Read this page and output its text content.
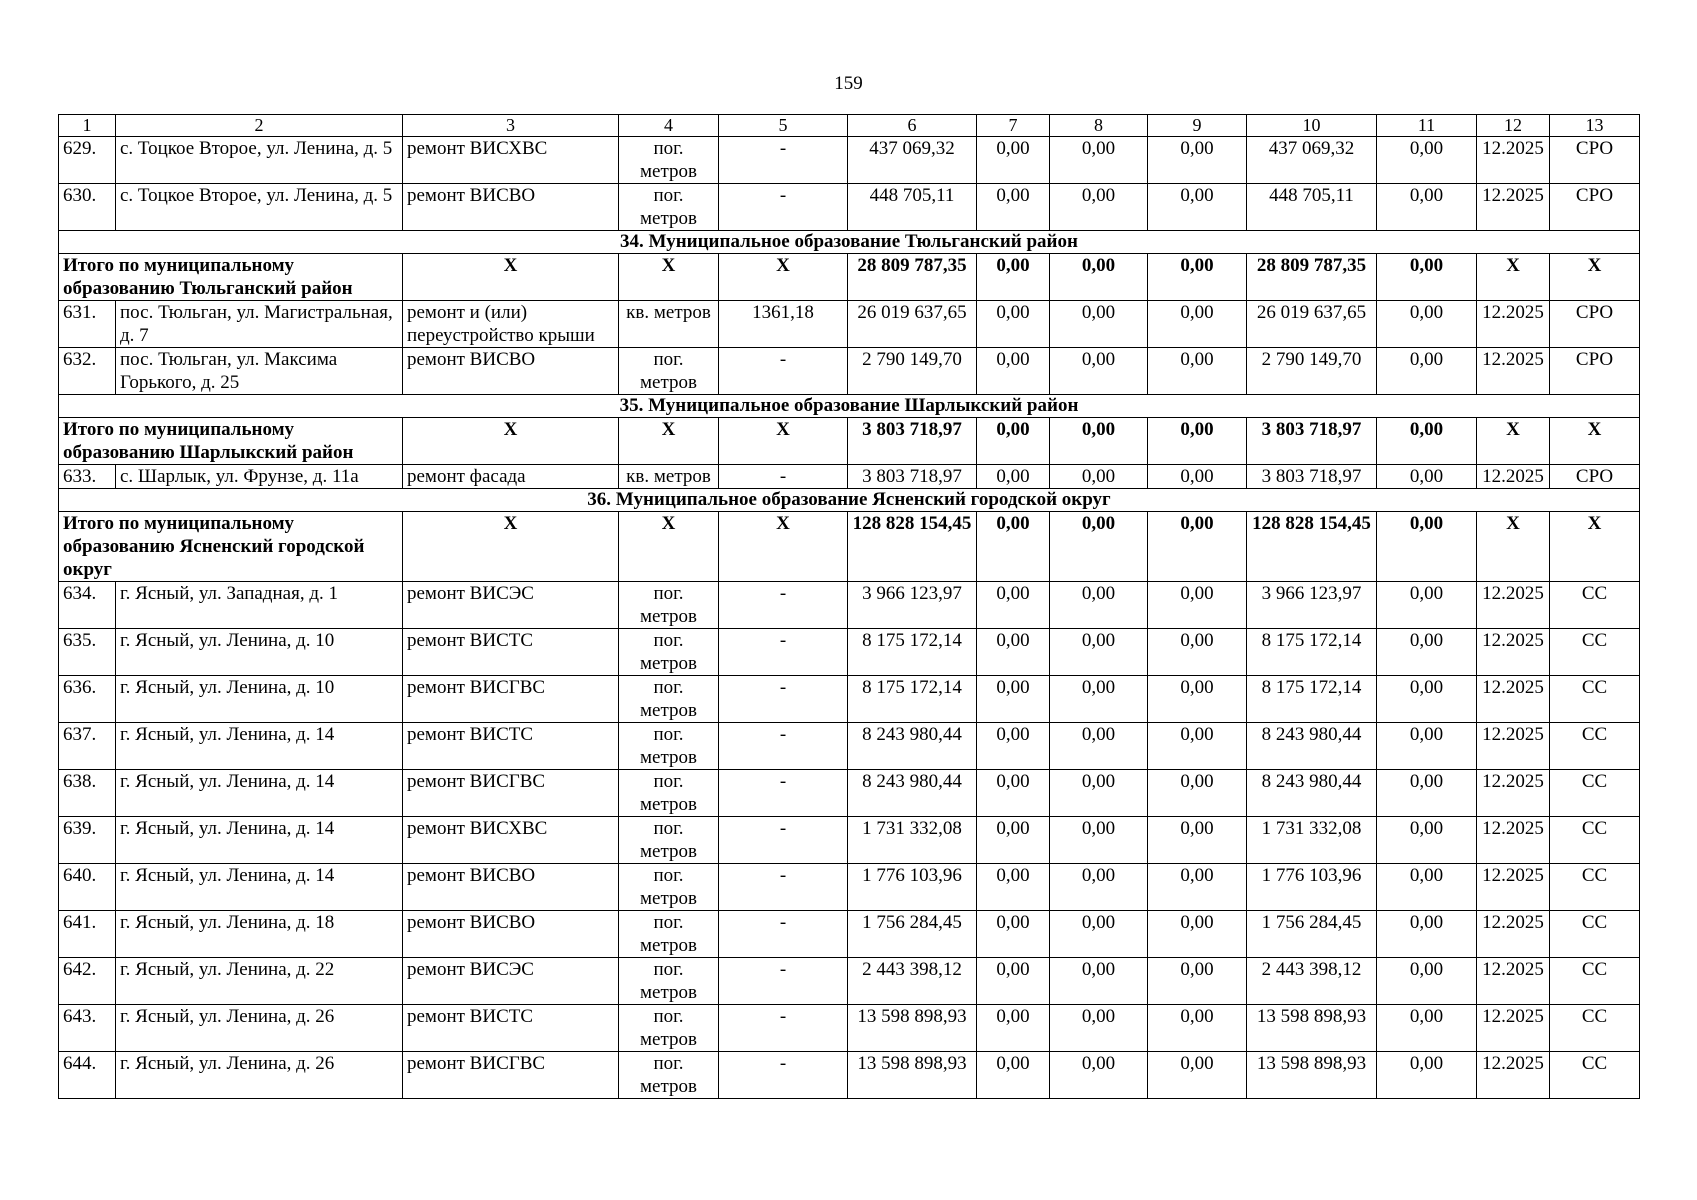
159
1	2	3	4	5	6	7	8	9	10	11	12	13
629.	с. Тоцкое Второе, ул. Ленина, д. 5	ремонт ВИСХВС	пог. метров	-	437 069,32	0,00	0,00	0,00	437 069,32	0,00	12.2025	СРО
630.	с. Тоцкое Второе, ул. Ленина, д. 5	ремонт ВИСВО	пог. метров	-	448 705,11	0,00	0,00	0,00	448 705,11	0,00	12.2025	СРО
34. Муниципальное образование Тюльганский район												
Итого по муниципальному образованию Тюльганский район		Х	Х	Х	28 809 787,35	0,00	0,00	0,00	28 809 787,35	0,00	Х	Х
631.	пос. Тюльган, ул. Магистральная, д. 7	ремонт и (или) переустройство крыши	кв. метров	1361,18	26 019 637,65	0,00	0,00	0,00	26 019 637,65	0,00	12.2025	СРО
632.	пос. Тюльган, ул. Максима Горького, д. 25	ремонт ВИСВО	пог. метров	-	2 790 149,70	0,00	0,00	0,00	2 790 149,70	0,00	12.2025	СРО
35. Муниципальное образование Шарлыкский район												
Итого по муниципальному образованию Шарлыкский район		Х	Х	Х	3 803 718,97	0,00	0,00	0,00	3 803 718,97	0,00	Х	Х
633.	с. Шарлык, ул. Фрунзе, д. 11а	ремонт фасада	кв. метров	-	3 803 718,97	0,00	0,00	0,00	3 803 718,97	0,00	12.2025	СРО
36. Муниципальное образование Ясненский городской округ												
Итого по муниципальному образованию Ясненский городской округ		Х	Х	Х	128 828 154,45	0,00	0,00	0,00	128 828 154,45	0,00	Х	Х
634.	г. Ясный, ул. Западная, д. 1	ремонт ВИСЭС	пог. метров	-	3 966 123,97	0,00	0,00	0,00	3 966 123,97	0,00	12.2025	СС
635.	г. Ясный, ул. Ленина, д. 10	ремонт ВИСТС	пог. метров	-	8 175 172,14	0,00	0,00	0,00	8 175 172,14	0,00	12.2025	СС
636.	г. Ясный, ул. Ленина, д. 10	ремонт ВИСГВС	пог. метров	-	8 175 172,14	0,00	0,00	0,00	8 175 172,14	0,00	12.2025	СС
637.	г. Ясный, ул. Ленина, д. 14	ремонт ВИСТС	пог. метров	-	8 243 980,44	0,00	0,00	0,00	8 243 980,44	0,00	12.2025	СС
638.	г. Ясный, ул. Ленина, д. 14	ремонт ВИСГВС	пог. метров	-	8 243 980,44	0,00	0,00	0,00	8 243 980,44	0,00	12.2025	СС
639.	г. Ясный, ул. Ленина, д. 14	ремонт ВИСХВС	пог. метров	-	1 731 332,08	0,00	0,00	0,00	1 731 332,08	0,00	12.2025	СС
640.	г. Ясный, ул. Ленина, д. 14	ремонт ВИСВО	пог. метров	-	1 776 103,96	0,00	0,00	0,00	1 776 103,96	0,00	12.2025	СС
641.	г. Ясный, ул. Ленина, д. 18	ремонт ВИСВО	пог. метров	-	1 756 284,45	0,00	0,00	0,00	1 756 284,45	0,00	12.2025	СС
642.	г. Ясный, ул. Ленина, д. 22	ремонт ВИСЭС	пог. метров	-	2 443 398,12	0,00	0,00	0,00	2 443 398,12	0,00	12.2025	СС
643.	г. Ясный, ул. Ленина, д. 26	ремонт ВИСТС	пог. метров	-	13 598 898,93	0,00	0,00	0,00	13 598 898,93	0,00	12.2025	СС
644.	г. Ясный, ул. Ленина, д. 26	ремонт ВИСГВС	пог. метров	-	13 598 898,93	0,00	0,00	0,00	13 598 898,93	0,00	12.2025	СС
